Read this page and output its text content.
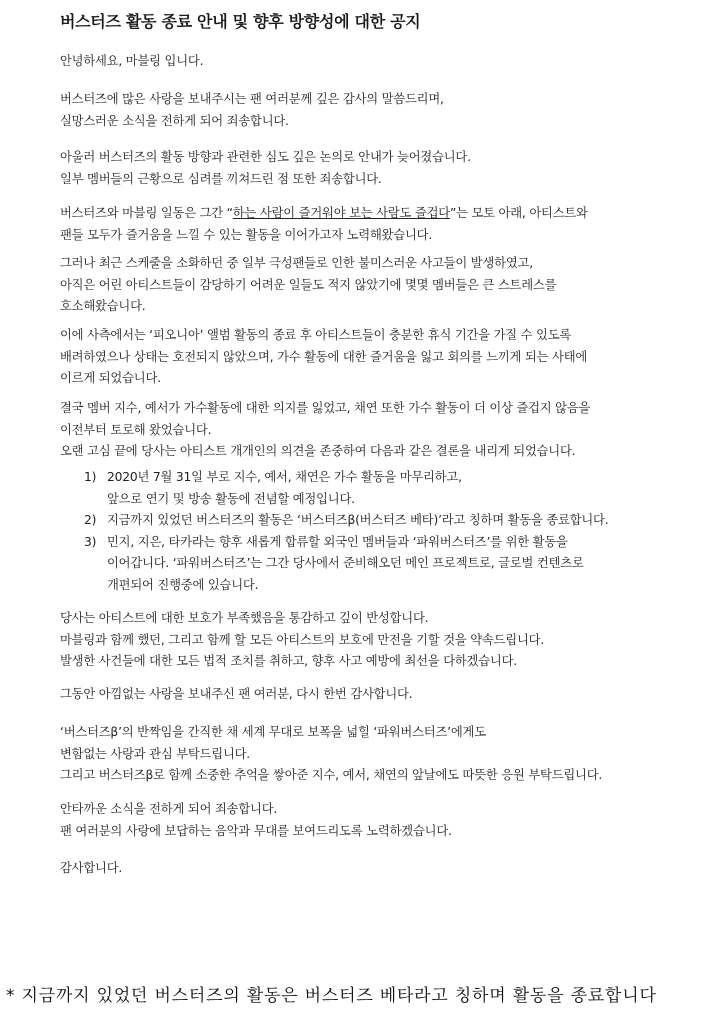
버스터즈 활동 종료 안내 및 향후 방향성에 대한 공지

안녕하세요, 마블링 입니다.

버스터즈에 많은 사랑을 보내주시는 팬 여러분께 깊은 감사의 말씀드리며,
실망스러운 소식을 전하게 되어 죄송합니다.

아울러 버스터즈의 활동 방향과 관련한 심도 깊은 논의로 안내가 늦어졌습니다.
일부 멤버들의 근황으로 심려를 끼쳐드린 점 또한 죄송합니다.

버스터즈와 마블링 일동은 그간 “하는 사람이 즐거워야 보는 사람도 즐겁다”는 모토 아래, 아티스트와
팬들 모두가 즐거움을 느낄 수 있는 활동을 이어가고자 노력해왔습니다.

그러나 최근 스케줄을 소화하던 중 일부 극성팬들로 인한 불미스러운 사고들이 발생하였고,
아직은 어린 아티스트들이 감당하기 어려운 일들도 적지 않았기에 몇몇 멤버들은 큰 스트레스를
호소해왔습니다.

이에 사측에서는 ‘피오니아’ 앨범 활동의 종료 후 아티스트들이 충분한 휴식 기간을 가질 수 있도록
배려하였으나 상태는 호전되지 않았으며, 가수 활동에 대한 즐거움을 잃고 회의를 느끼게 되는 사태에
이르게 되었습니다.

결국 멤버 지수, 예서가 가수활동에 대한 의지를 잃었고, 채연 또한 가수 활동이 더 이상 즐겁지 않음을
이전부터 토로해 왔었습니다.
오랜 고심 끝에 당사는 아티스트 개개인의 의견을 존중하여 다음과 같은 결론을 내리게 되었습니다.

1) 2020년 7월 31일 부로 지수, 예서, 채연은 가수 활동을 마무리하고,
앞으로 연기 및 방송 활동에 전념할 예정입니다.
2) 지금까지 있었던 버스터즈의 활동은 ‘버스터즈β(버스터즈 베타)’라고 칭하며 활동을 종료합니다.
3) 민지, 지은, 타카라는 향후 새롭게 합류할 외국인 멤버들과 ‘파워버스터즈’를 위한 활동을
이어갑니다. ‘파워버스터즈’는 그간 당사에서 준비해오던 메인 프로젝트로, 글로벌 컨텐츠로
개편되어 진행중에 있습니다.

당사는 아티스트에 대한 보호가 부족했음을 통감하고 깊이 반성합니다.
마블링과 함께 했던, 그리고 함께 할 모든 아티스트의 보호에 만전을 기할 것을 약속드립니다.
발생한 사건들에 대한 모든 법적 조치를 취하고, 향후 사고 예방에 최선을 다하겠습니다.

그동안 아낌없는 사랑을 보내주신 팬 여러분, 다시 한번 감사합니다.

‘버스터즈β’의 반짝임을 간직한 채 세계 무대로 보폭을 넓힐 ‘파워버스터즈’에게도
변함없는 사랑과 관심 부탁드립니다.
그리고 버스터즈β로 함께 소중한 추억을 쌓아준 지수, 예서, 채연의 앞날에도 따뜻한 응원 부탁드립니다.

안타까운 소식을 전하게 되어 죄송합니다.
팬 여러분의 사랑에 보답하는 음악과 무대를 보여드리도록 노력하겠습니다.

감사합니다.

* 지금까지 있었던 버스터즈의 활동은 버스터즈 베타라고 칭하며 활동을 종료합니다
